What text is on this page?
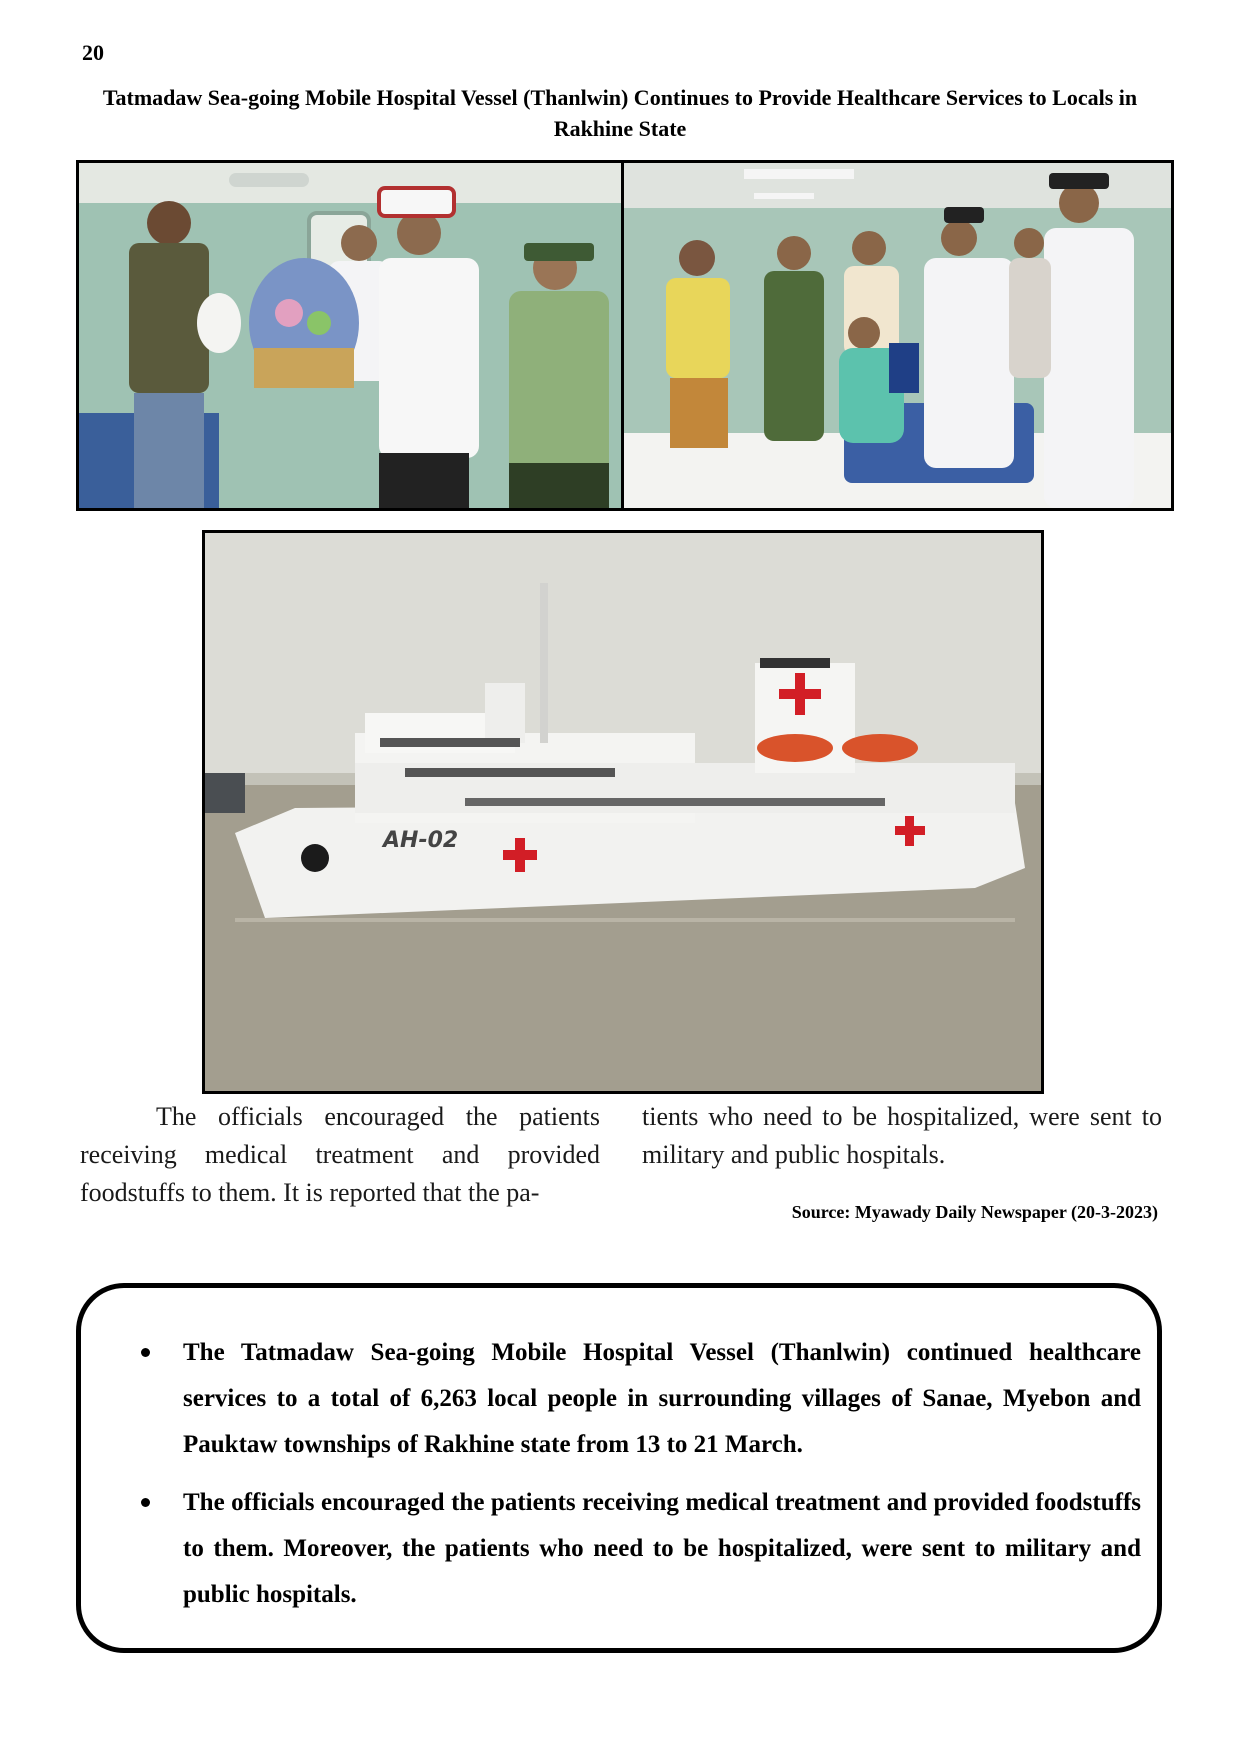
20
Tatmadaw Sea-going Mobile Hospital Vessel (Thanlwin) Continues to Provide Healthcare Services to Locals in Rakhine State
AH-02
The officials encouraged the patients receiving medical treatment and provided foodstuffs to them. It is reported that the pa-
tients who need to be hospitalized, were sent to military and public hospitals.
Source: Myawady Daily Newspaper (20-3-2023)
The Tatmadaw Sea-going Mobile Hospital Vessel (Thanlwin) continued healthcare services to a total of 6,263 local people in surrounding villages of Sanae, Myebon and Pauktaw townships of Rakhine state from 13 to 21 March.
The officials encouraged the patients receiving medical treatment and provided foodstuffs to them. Moreover, the patients who need to be hospitalized, were sent to military and public hospitals.
